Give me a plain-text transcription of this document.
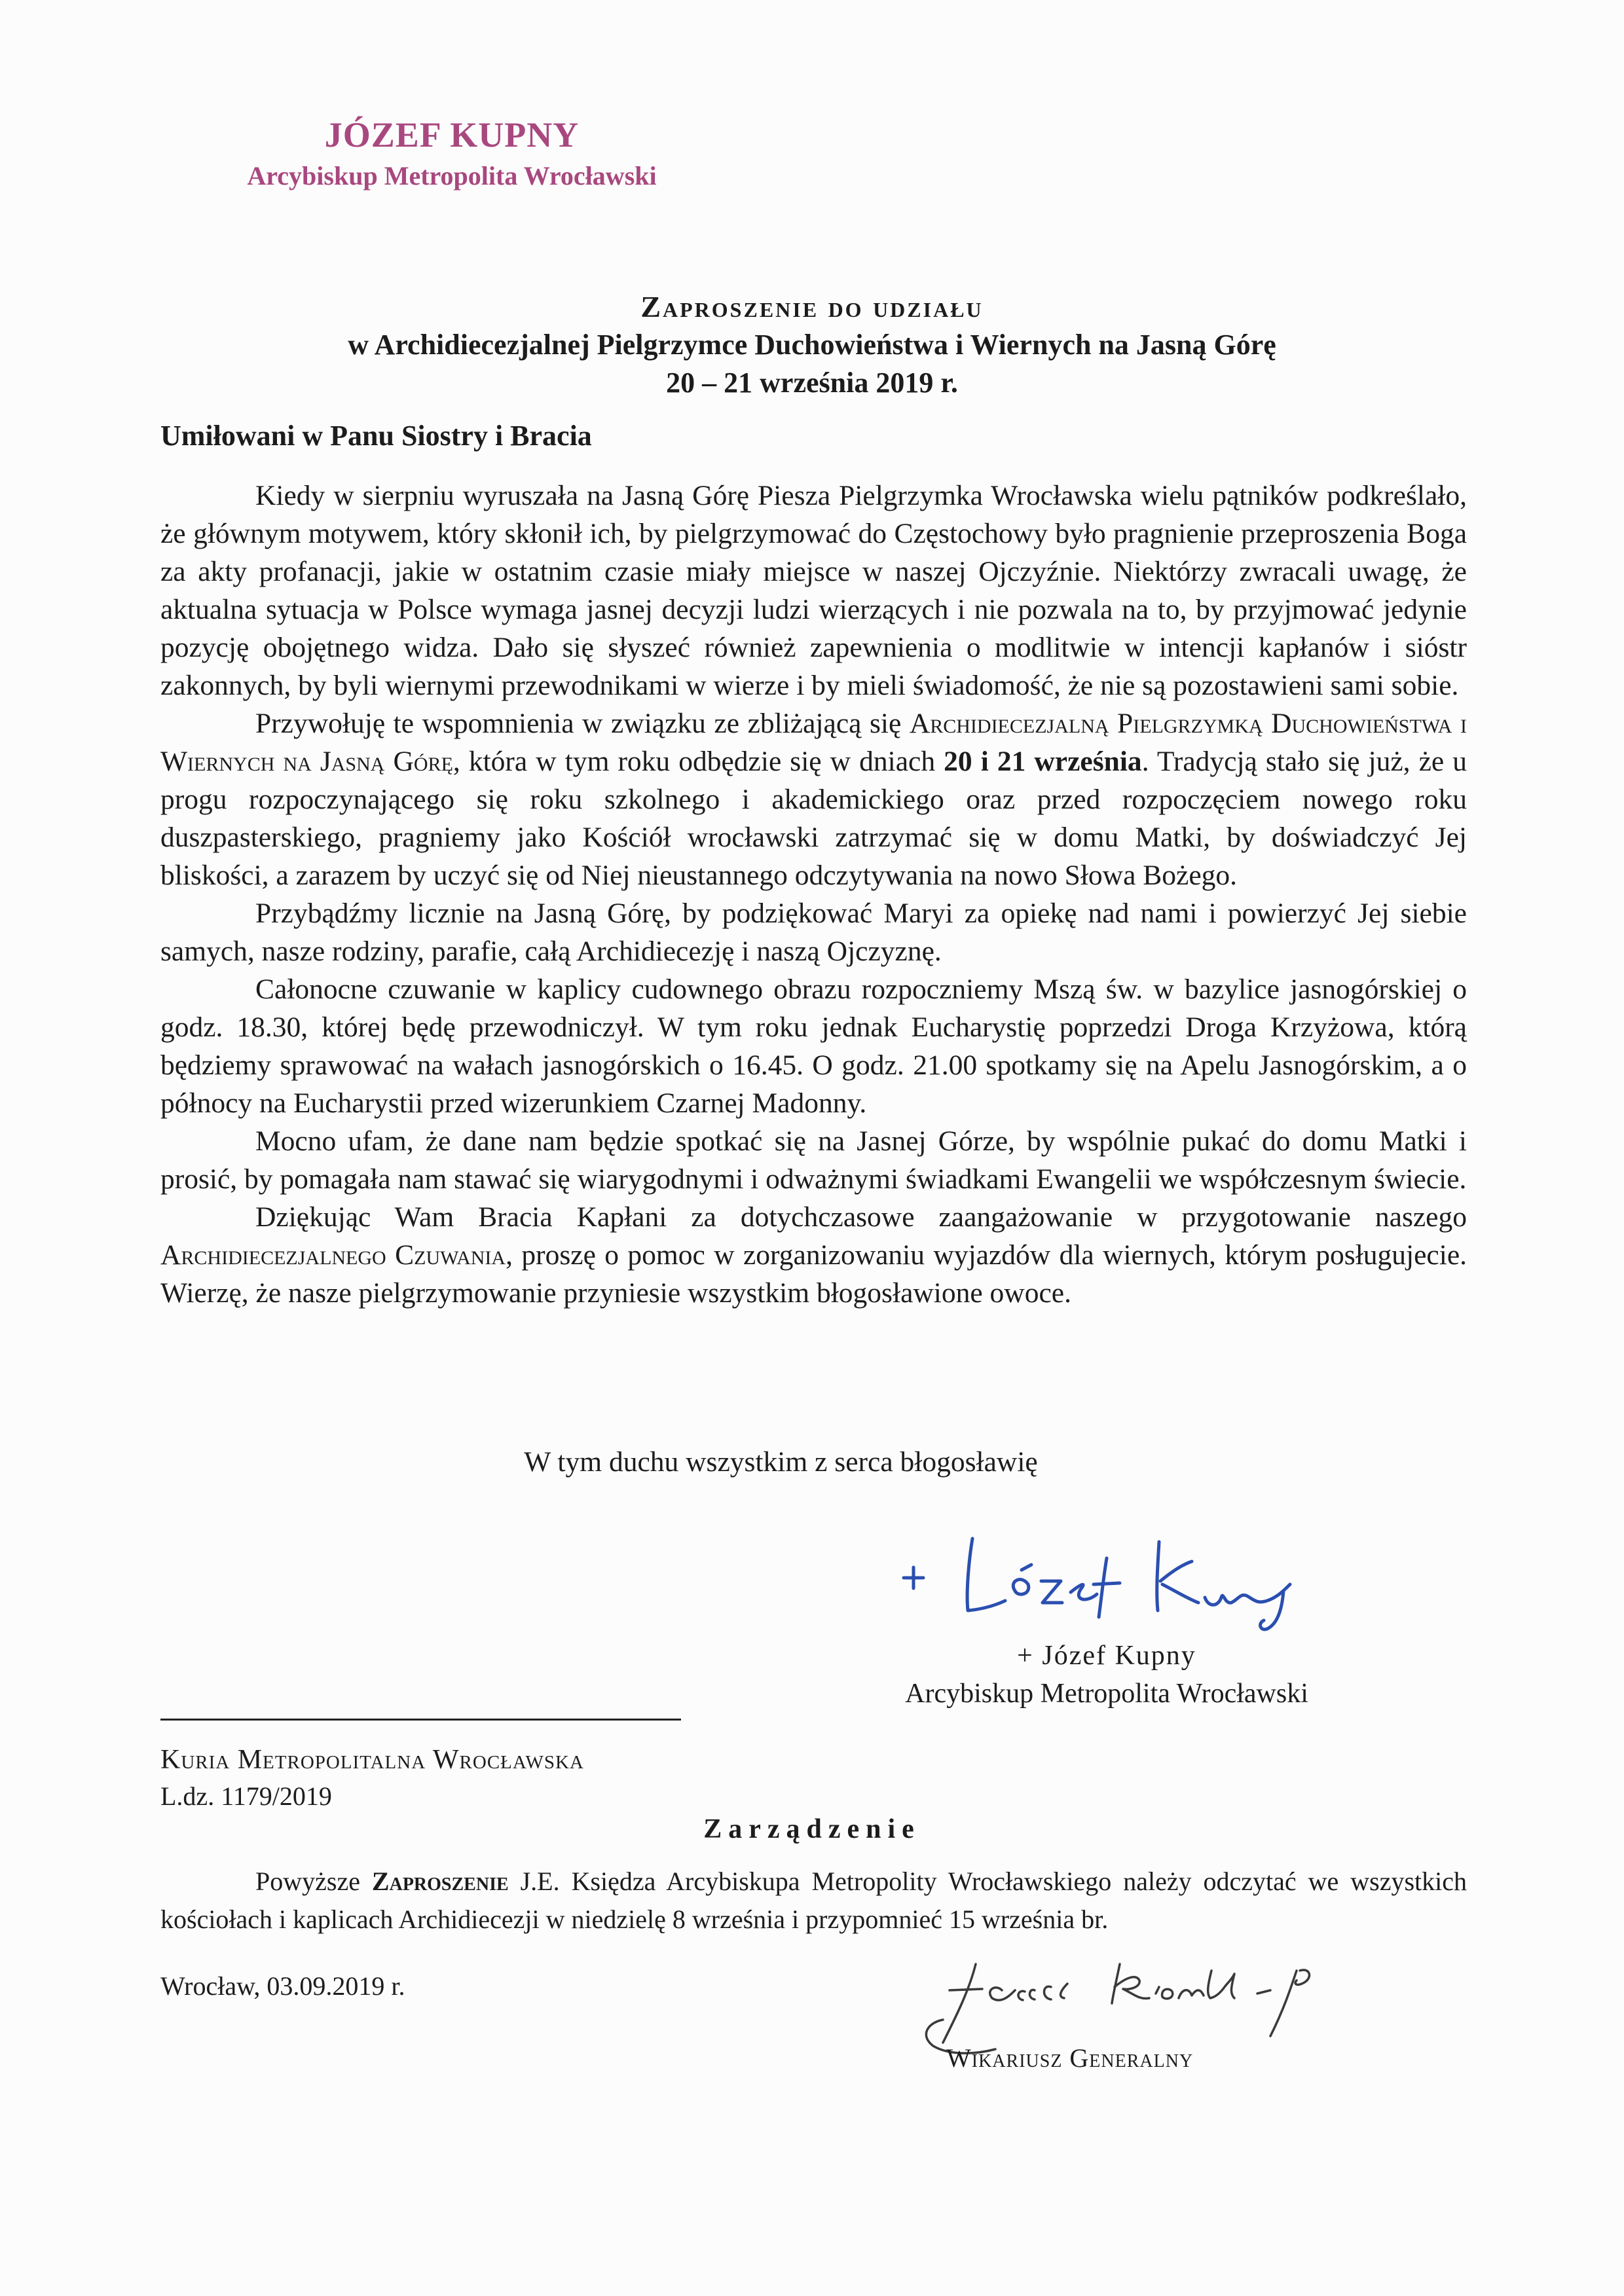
JÓZEF KUPNY
Arcybiskup Metropolita Wrocławski
Zaproszenie do udziału
w Archidiecezjalnej Pielgrzymce Duchowieństwa i Wiernych na Jasną Górę
20 – 21 września 2019 r.
Umiłowani w Panu Siostry i Bracia

Kiedy w sierpniu wyruszała na Jasną Górę Piesza Pielgrzymka Wrocławska wielu pątników podkreślało, że głównym motywem, który skłonił ich, by pielgrzymować do Częstochowy było pragnienie przeproszenia Boga za akty profanacji, jakie w ostatnim czasie miały miejsce w naszej Ojczyźnie. Niektórzy zwracali uwagę, że aktualna sytuacja w Polsce wymaga jasnej decyzji ludzi wierzących i nie pozwala na to, by przyjmować jedynie pozycję obojętnego widza. Dało się słyszeć również zapewnienia o modlitwie w intencji kapłanów i sióstr zakonnych, by byli wiernymi przewodnikami w wierze i by mieli świadomość, że nie są pozostawieni sami sobie.

Przywołuję te wspomnienia w związku ze zbliżającą się Archidiecezjalną Pielgrzymką Duchowieństwa i Wiernych na Jasną Górę, która w tym roku odbędzie się w dniach 20 i 21 września. Tradycją stało się już, że u progu rozpoczynającego się roku szkolnego i akademickiego oraz przed rozpoczęciem nowego roku duszpasterskiego, pragniemy jako Kościół wrocławski zatrzymać się w domu Matki, by doświadczyć Jej bliskości, a zarazem by uczyć się od Niej nieustannego odczytywania na nowo Słowa Bożego.

Przybądźmy licznie na Jasną Górę, by podziękować Maryi za opiekę nad nami i powierzyć Jej siebie samych, nasze rodziny, parafie, całą Archidiecezję i naszą Ojczyznę.

Całonocne czuwanie w kaplicy cudownego obrazu rozpoczniemy Mszą św. w bazylice jasnogórskiej o godz. 18.30, której będę przewodniczył. W tym roku jednak Eucharystię poprzedzi Droga Krzyżowa, którą będziemy sprawować na wałach jasnogórskich o 16.45. O godz. 21.00 spotkamy się na Apelu Jasnogórskim, a o północy na Eucharystii przed wizerunkiem Czarnej Madonny.

Mocno ufam, że dane nam będzie spotkać się na Jasnej Górze, by wspólnie pukać do domu Matki i prosić, by pomagała nam stawać się wiarygodnymi i odważnymi świadkami Ewangelii we współczesnym świecie.

Dziękując Wam Bracia Kapłani za dotychczasowe zaangażowanie w przygotowanie naszego Archidiecezjalnego Czuwania, proszę o pomoc w zorganizowaniu wyjazdów dla wiernych, którym posługujecie. Wierzę, że nasze pielgrzymowanie przyniesie wszystkim błogosławione owoce.

W tym duchu wszystkim z serca błogosławię
+ Józef Kupny
Arcybiskup Metropolita Wrocławski
Kuria Metropolitalna Wrocławska
L.dz. 1179/2019
Zarządzenie

Powyższe Zaproszenie J.E. Księdza Arcybiskupa Metropolity Wrocławskiego należy odczytać we wszystkich kościołach i kaplicach Archidiecezji w niedzielę 8 września i przypomnieć 15 września br.

Wrocław, 03.09.2019 r.
Wikariusz Generalny
